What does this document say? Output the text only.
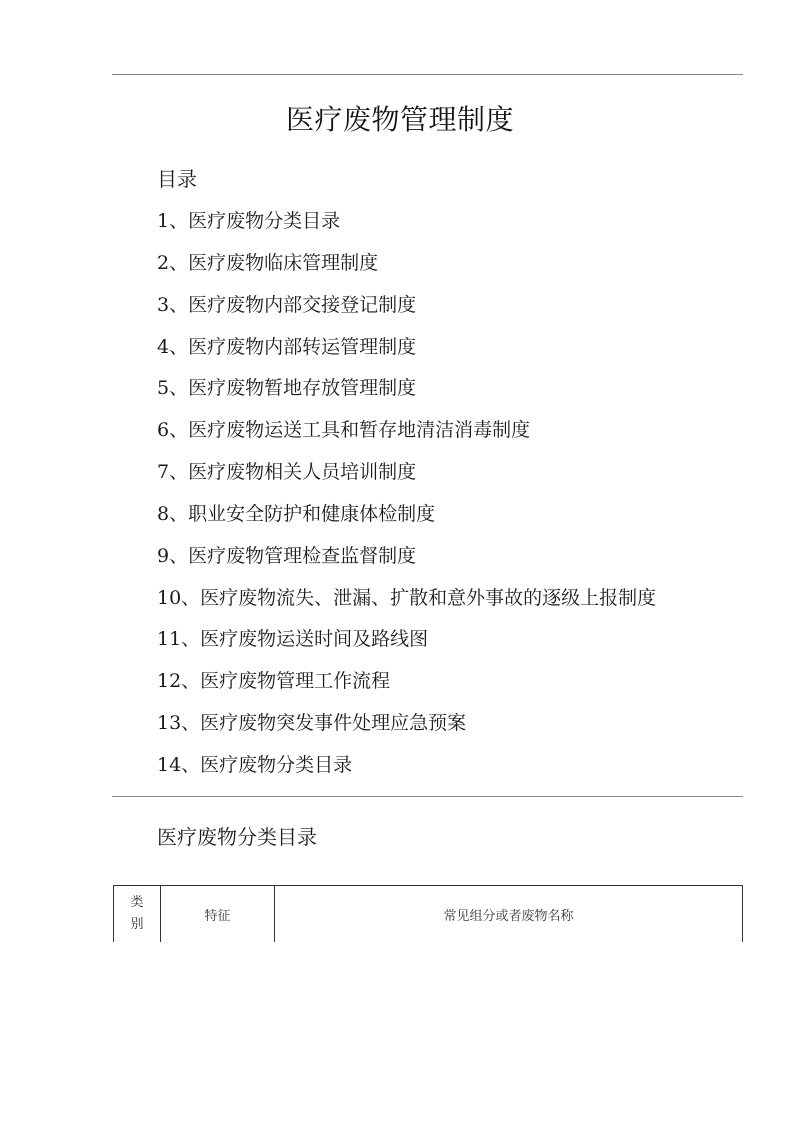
医疗废物管理制度
目录
1、医疗废物分类目录
2、医疗废物临床管理制度
3、医疗废物内部交接登记制度
4、医疗废物内部转运管理制度
5、医疗废物暂地存放管理制度
6、医疗废物运送工具和暂存地清洁消毒制度
7、医疗废物相关人员培训制度
8、职业安全防护和健康体检制度
9、医疗废物管理检查监督制度
10、医疗废物流失、泄漏、扩散和意外事故的逐级上报制度
11、医疗废物运送时间及路线图
12、医疗废物管理工作流程
13、医疗废物突发事件处理应急预案
14、医疗废物分类目录
医疗废物分类目录
类别	特征	常见组分或者废物名称
